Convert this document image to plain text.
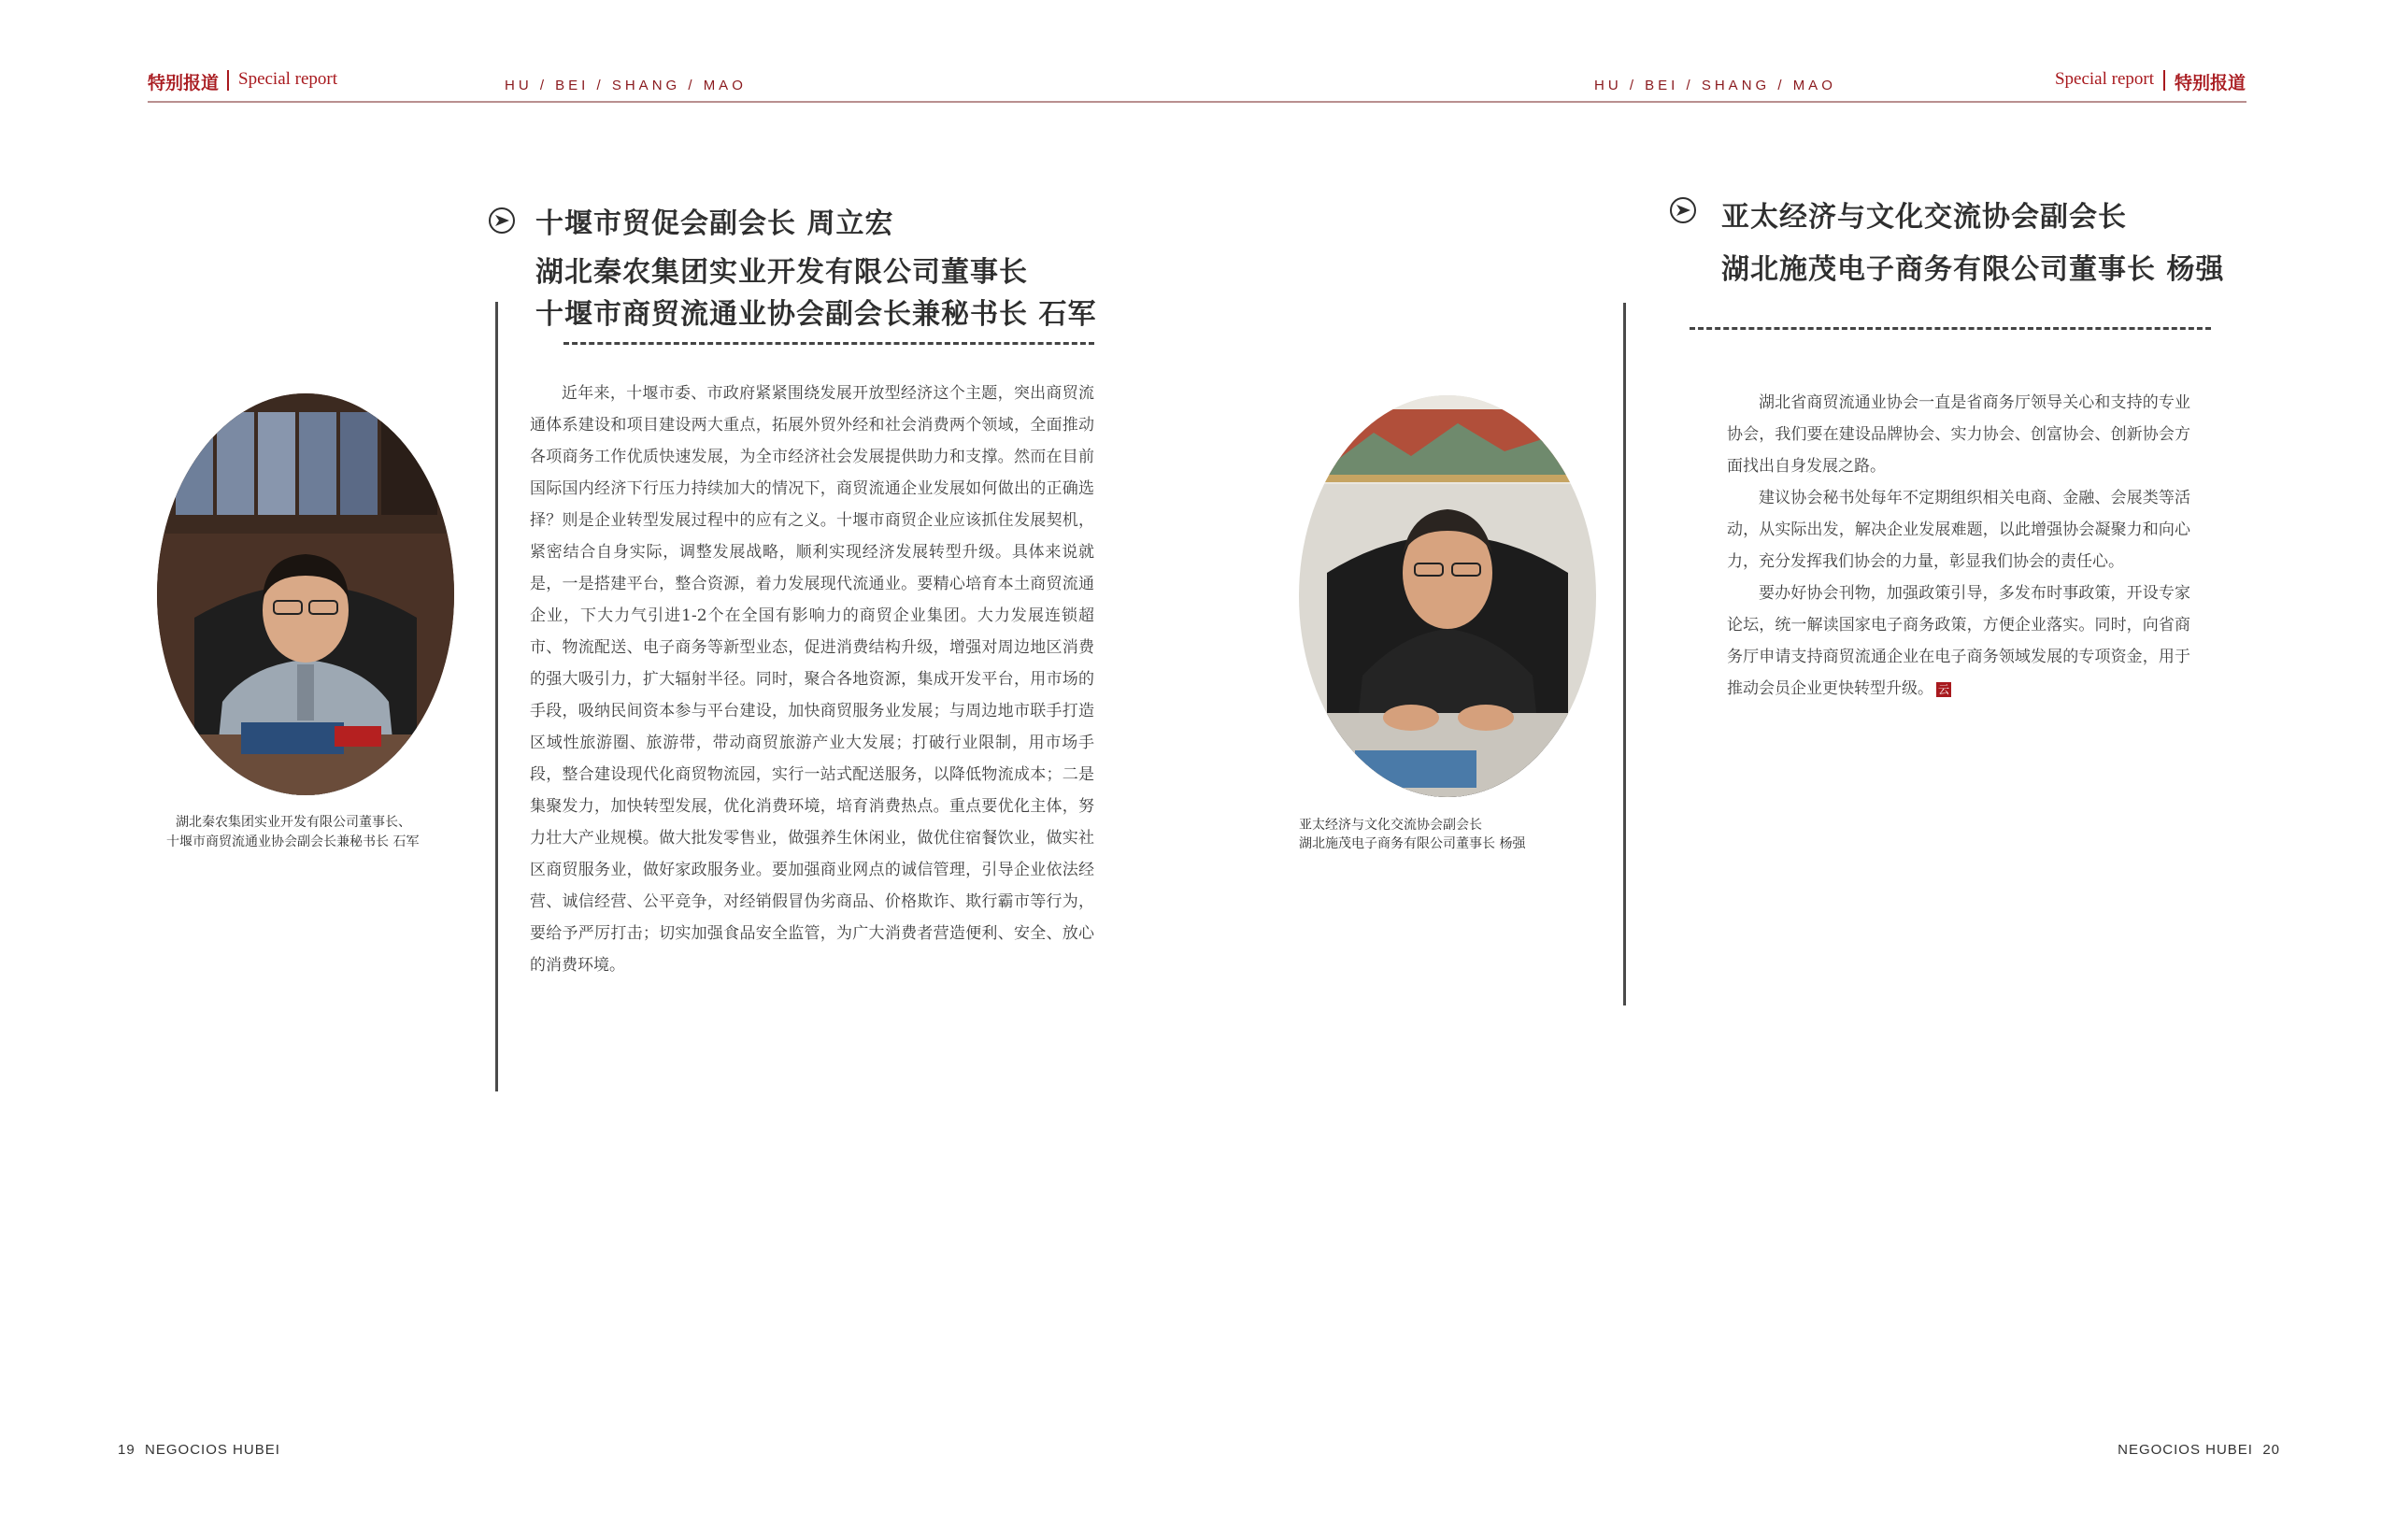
特别报道 Special report	HU / BEI / SHANG / MAO	HU / BEI / SHANG / MAO	Special report 特别报道
十堰市贸促会副会长 周立宏
湖北秦农集团实业开发有限公司董事长
十堰市商贸流通业协会副会长兼秘书长 石军
湖北秦农集团实业开发有限公司董事长、
十堰市商贸流通业协会副会长兼秘书长 石军

近年来，十堰市委、市政府紧紧围绕发展开放型经济这个主题，突出商贸流通体系建设和项目建设两大重点，拓展外贸外经和社会消费两个领域，全面推动各项商务工作优质快速发展，为全市经济社会发展提供助力和支撑。然而在目前国际国内经济下行压力持续加大的情况下，商贸流通企业发展如何做出的正确选择？则是企业转型发展过程中的应有之义。十堰市商贸企业应该抓住发展契机，紧密结合自身实际，调整发展战略，顺利实现经济发展转型升级。具体来说就是，一是搭建平台，整合资源，着力发展现代流通业。要精心培育本土商贸流通企业，下大力气引进1-2个在全国有影响力的商贸企业集团。大力发展连锁超市、物流配送、电子商务等新型业态，促进消费结构升级，增强对周边地区消费的强大吸引力，扩大辐射半径。同时，聚合各地资源，集成开发平台，用市场的手段，吸纳民间资本参与平台建设，加快商贸服务业发展；与周边地市联手打造区域性旅游圈、旅游带，带动商贸旅游产业大发展；打破行业限制，用市场手段，整合建设现代化商贸物流园，实行一站式配送服务，以降低物流成本；二是集聚发力，加快转型发展，优化消费环境，培育消费热点。重点要优化主体，努力壮大产业规模。做大批发零售业，做强养生休闲业，做优住宿餐饮业，做实社区商贸服务业，做好家政服务业。要加强商业网点的诚信管理，引导企业依法经营、诚信经营、公平竞争，对经销假冒伪劣商品、价格欺诈、欺行霸市等行为，要给予严厉打击；切实加强食品安全监管，为广大消费者营造便利、安全、放心的消费环境。

亚太经济与文化交流协会副会长
湖北施茂电子商务有限公司董事长 杨强
亚太经济与文化交流协会副会长
湖北施茂电子商务有限公司董事长 杨强

湖北省商贸流通业协会一直是省商务厅领导关心和支持的专业协会，我们要在建设品牌协会、实力协会、创富协会、创新协会方面找出自身发展之路。

建议协会秘书处每年不定期组织相关电商、金融、会展类等活动，从实际出发，解决企业发展难题，以此增强协会凝聚力和向心力，充分发挥我们协会的力量，彰显我们协会的责任心。

要办好协会刊物，加强政策引导，多发布时事政策，开设专家论坛，统一解读国家电子商务政策，方便企业落实。同时，向省商务厅申请支持商贸流通企业在电子商务领域发展的专项资金，用于推动会员企业更快转型升级。 云

19 NEGOCIOS HUBEI	NEGOCIOS HUBEI 20
